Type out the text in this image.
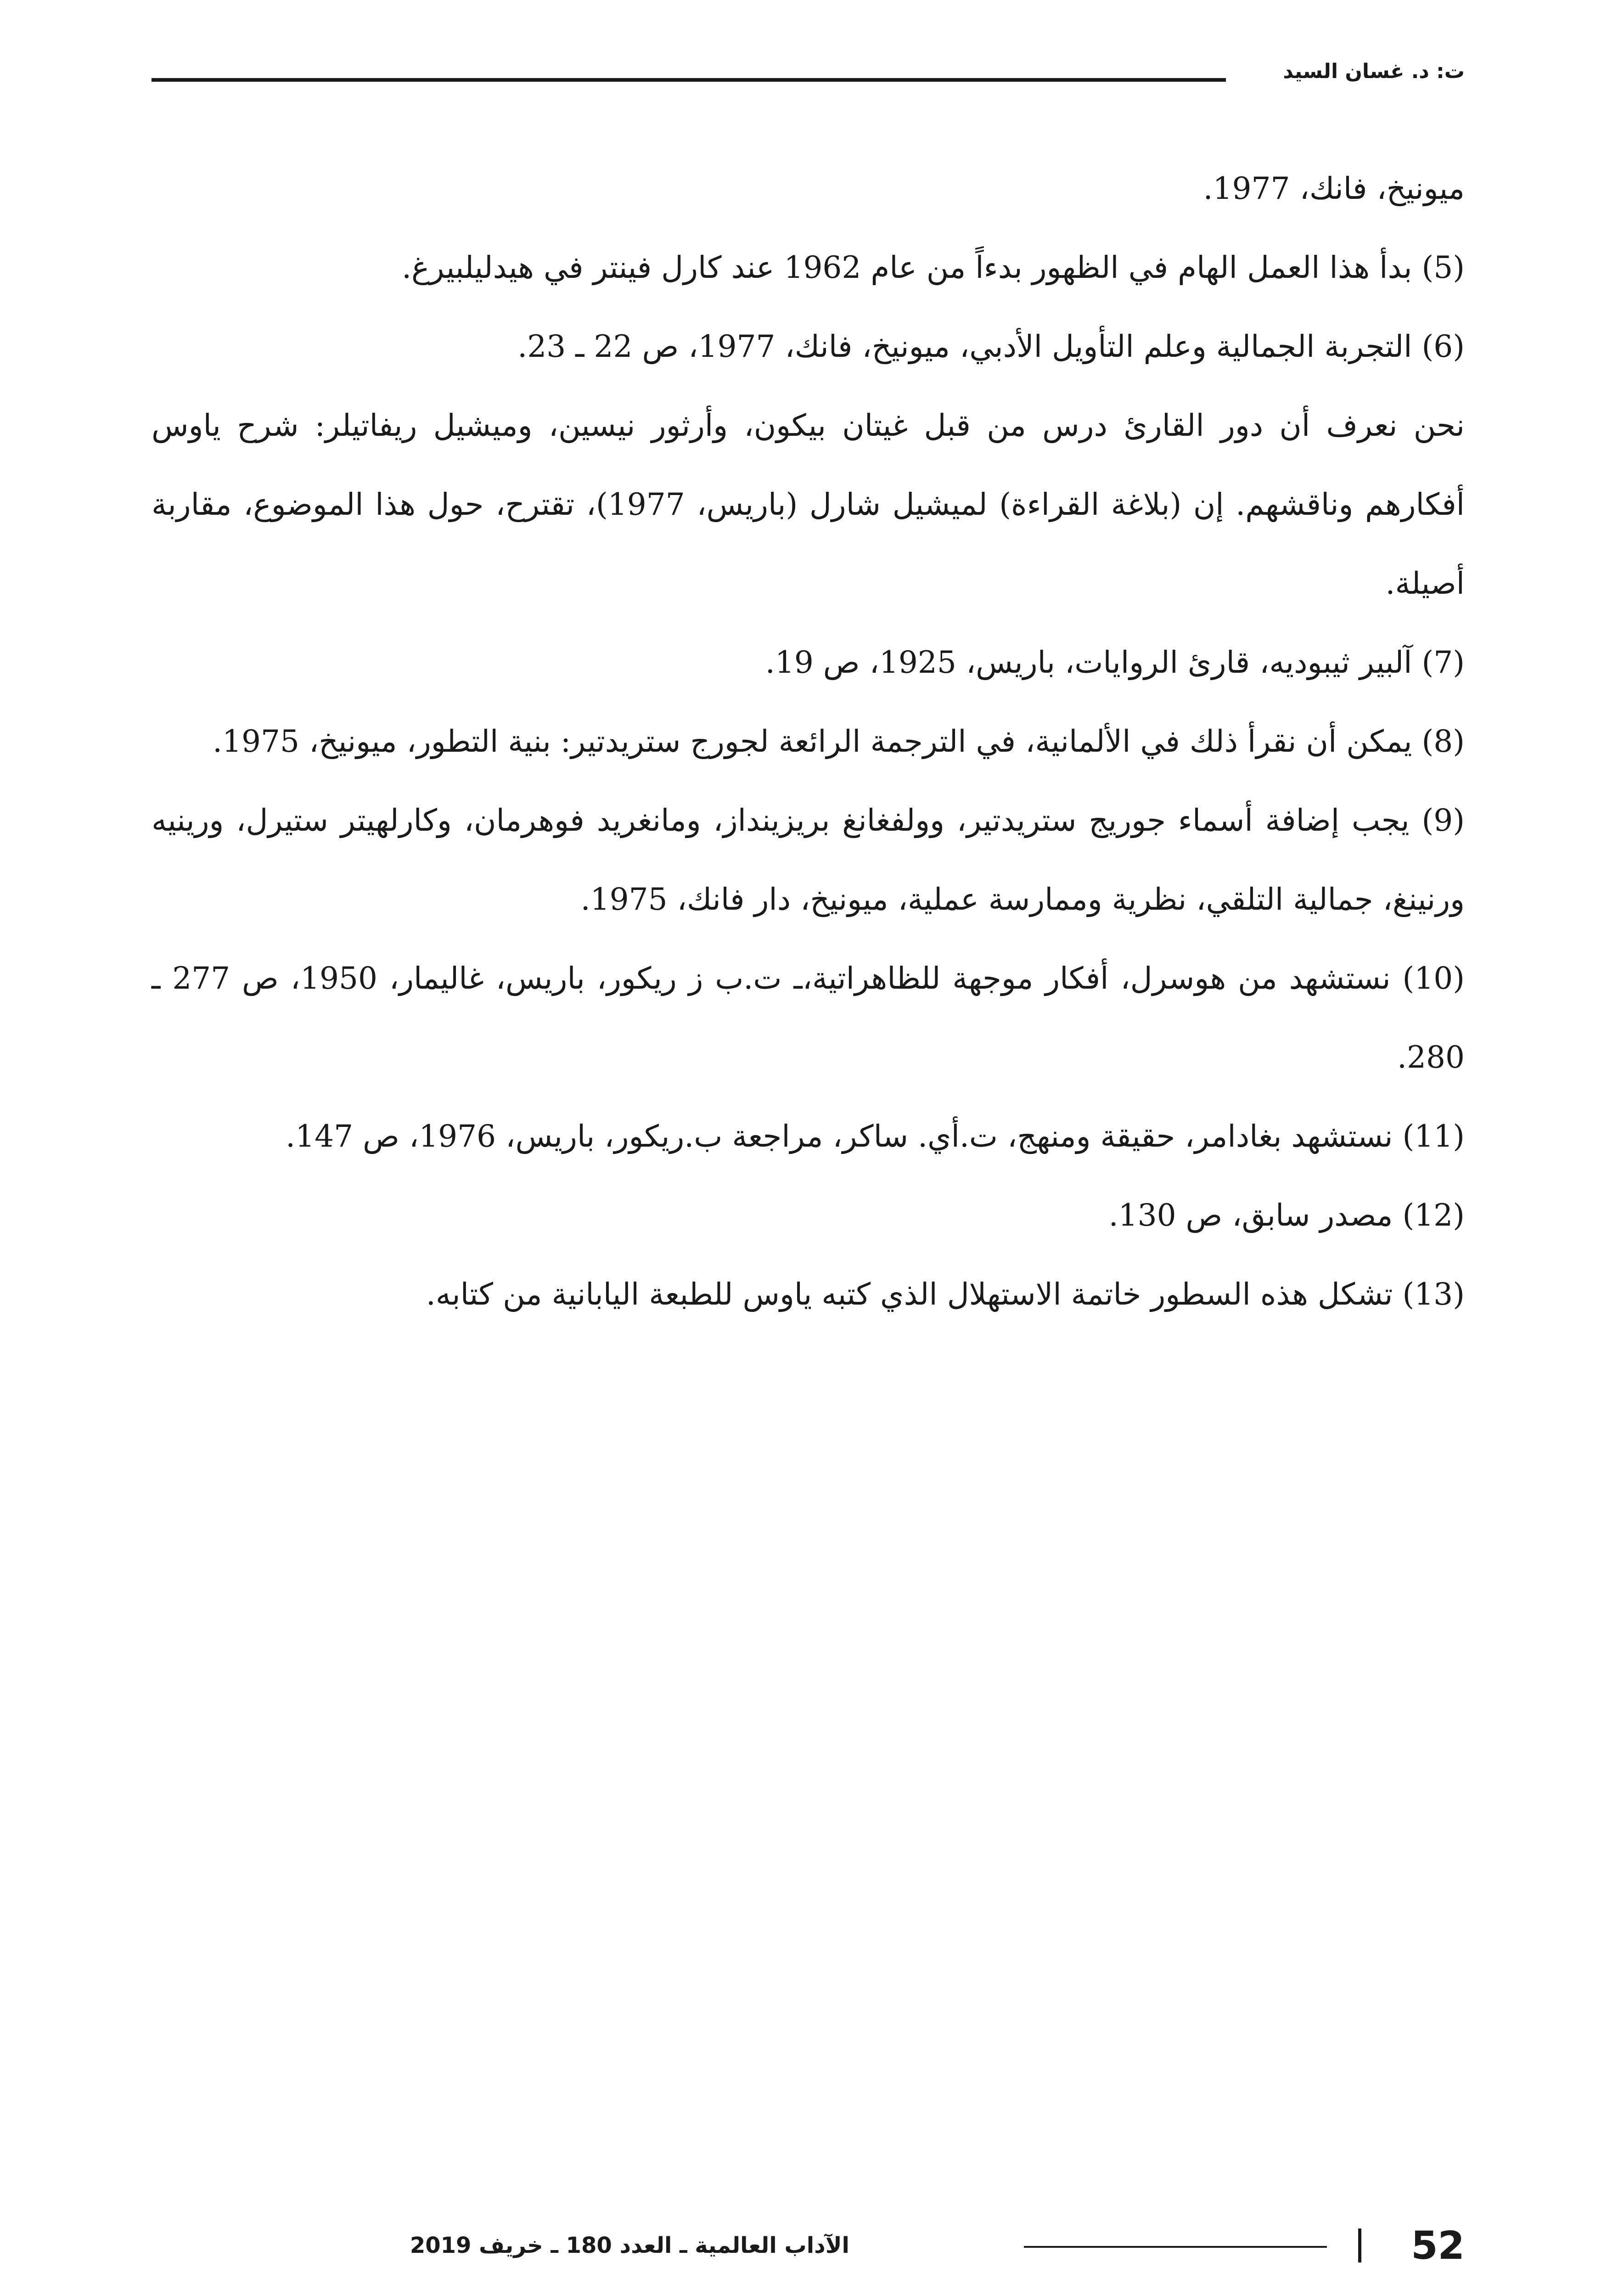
ت: د. غسان السيد

ميونيخ، فانك، 1977.

(5) بدأ هذا العمل الهام في الظهور بدءاً من عام 1962 عند كارل فينتر في هيدليلبيرغ.

(6) التجربة الجمالية وعلم التأويل الأدبي، ميونيخ، فانك، 1977، ص 22 ـ 23.

نحن نعرف أن دور القارئ درس من قبل غيتان بيكون، وأرثور نيسين، وميشيل ريفاتيلر: شرح ياوس أفكارهم وناقشهم. إن (بلاغة القراءة) لميشيل شارل (باريس، 1977)، تقترح، حول هذا الموضوع، مقاربة أصيلة.

(7) آلبير ثيبوديه، قارئ الروايات، باريس، 1925، ص 19.

(8) يمكن أن نقرأ ذلك في الألمانية، في الترجمة الرائعة لجورج ستريدتير: بنية التطور، ميونيخ، 1975.

(9) يجب إضافة أسماء جوريج ستريدتير، وولفغانغ بريزينداز، ومانغريد فوهرمان، وكارلهيتر ستيرل، ورينيه ورنينغ، جمالية التلقي، نظرية وممارسة عملية، ميونيخ، دار فانك، 1975.

(10) نستشهد من هوسرل، أفكار موجهة للظاهراتية،ـ ت.ب ز ريكور، باريس، غاليمار، 1950، ص 277 ـ 280.

(11) نستشهد بغادامر، حقيقة ومنهج، ت.أي. ساكر، مراجعة ب.ريكور، باريس، 1976، ص 147.

(12) مصدر سابق، ص 130.

(13) تشكل هذه السطور خاتمة الاستهلال الذي كتبه ياوس للطبعة اليابانية من كتابه.

52
الآداب العالمية ـ العدد 180 ـ خريف 2019
